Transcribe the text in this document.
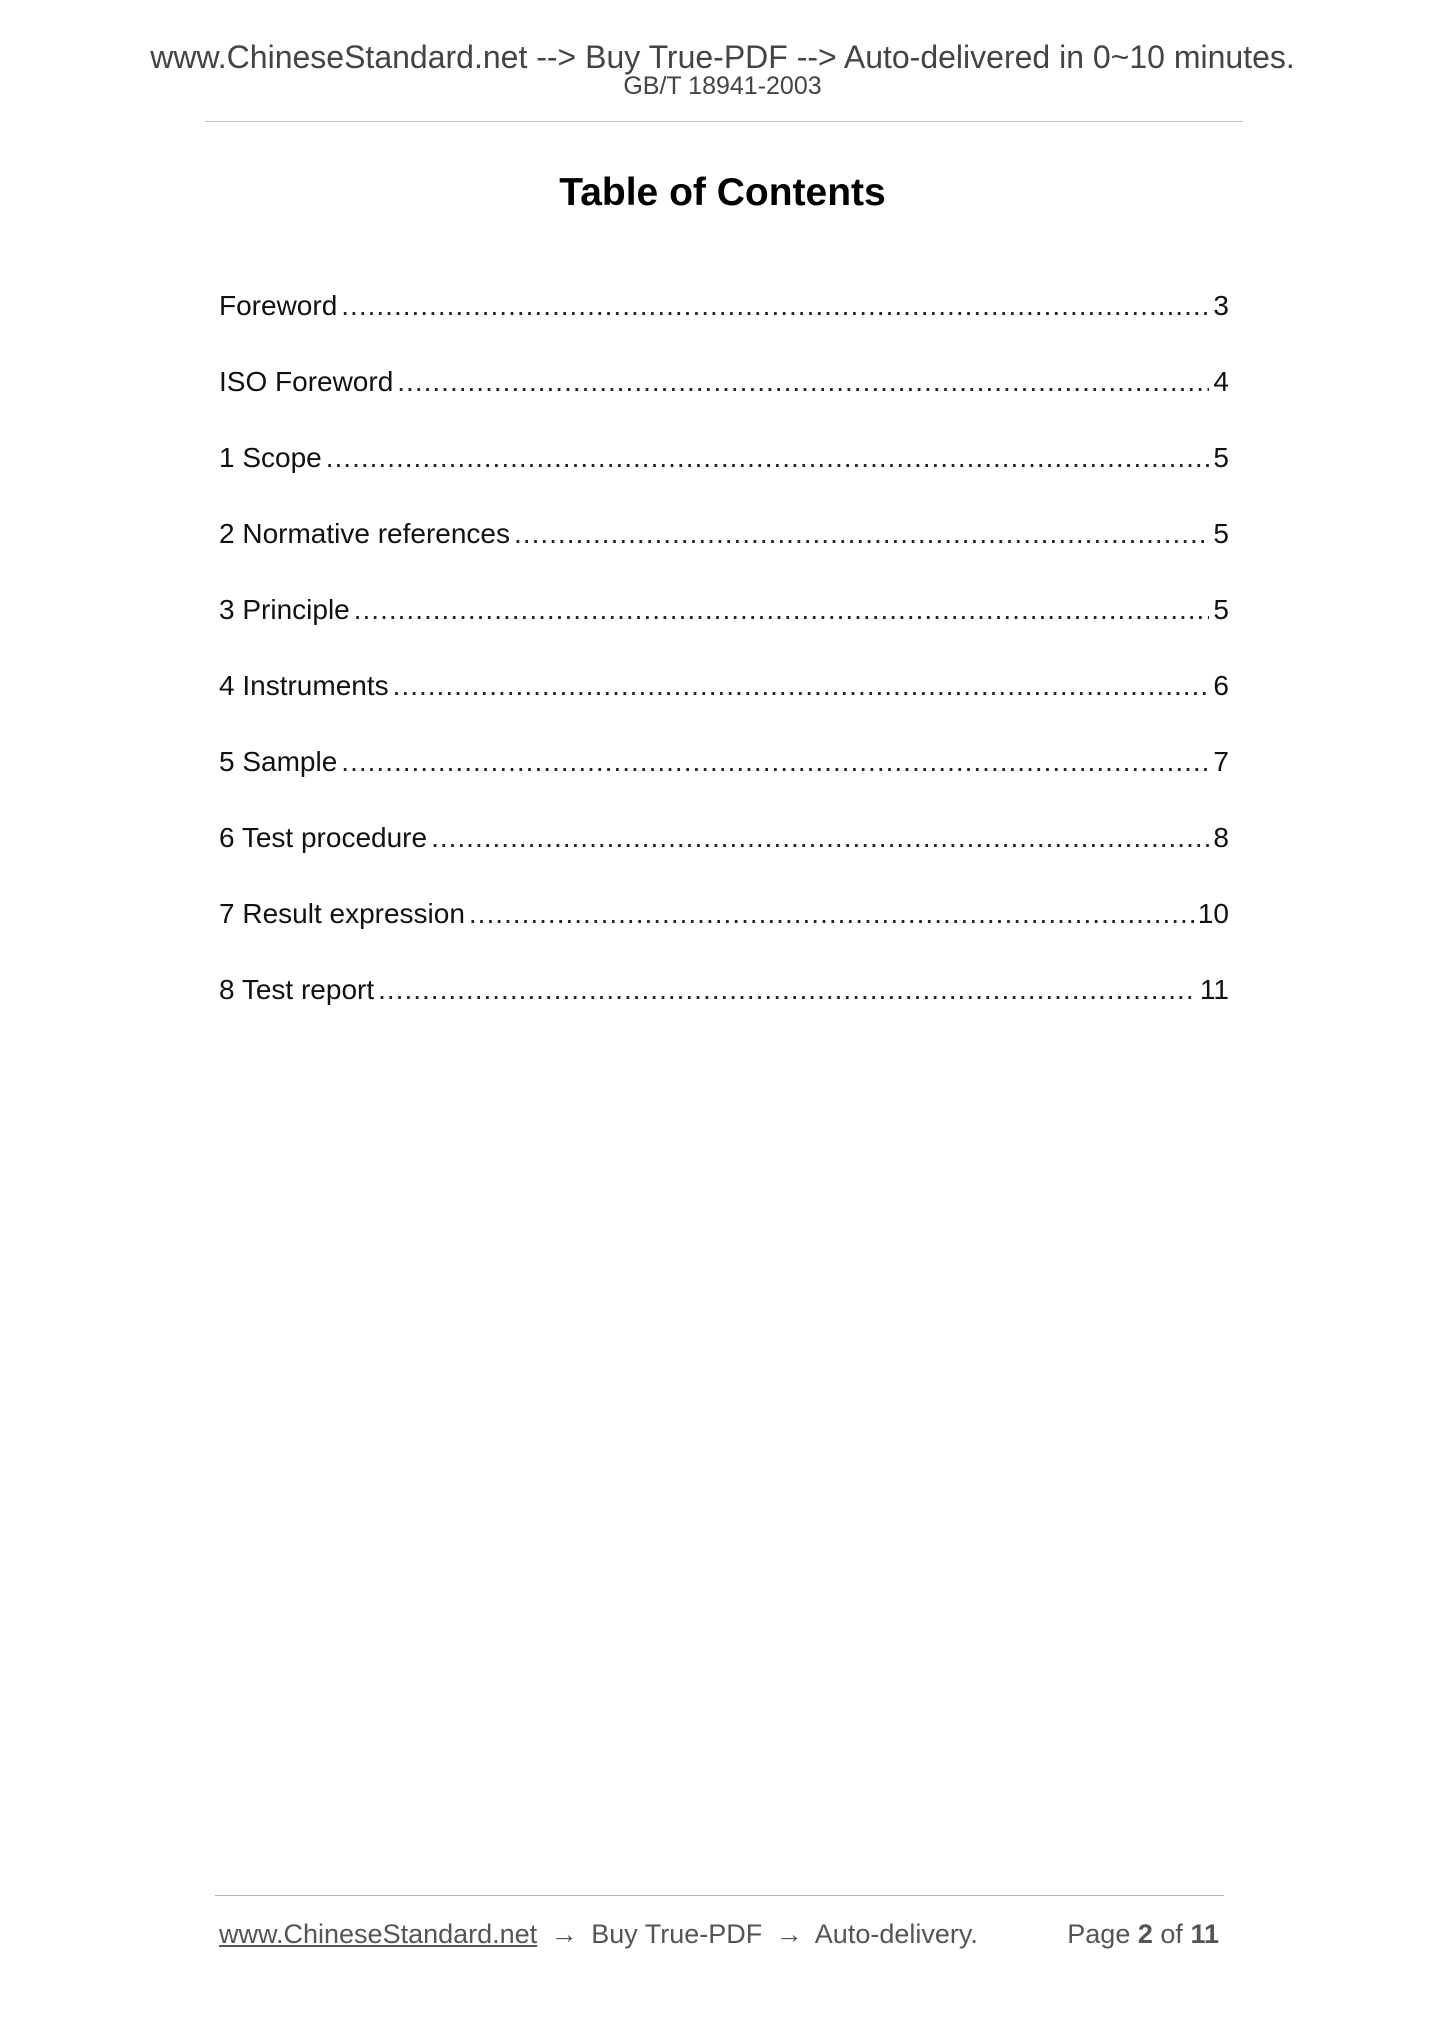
www.ChineseStandard.net --> Buy True-PDF --> Auto-delivered in 0~10 minutes.
GB/T 18941-2003
Table of Contents
Foreword .....	3
ISO Foreword .....	4
1 Scope .....	5
2 Normative references .....	5
3 Principle .....	5
4 Instruments .....	6
5 Sample .....	7
6 Test procedure .....	8
7 Result expression .....	10
8 Test report .....	11
www.ChineseStandard.net → Buy True-PDF → Auto-delivery.	Page 2 of 11
